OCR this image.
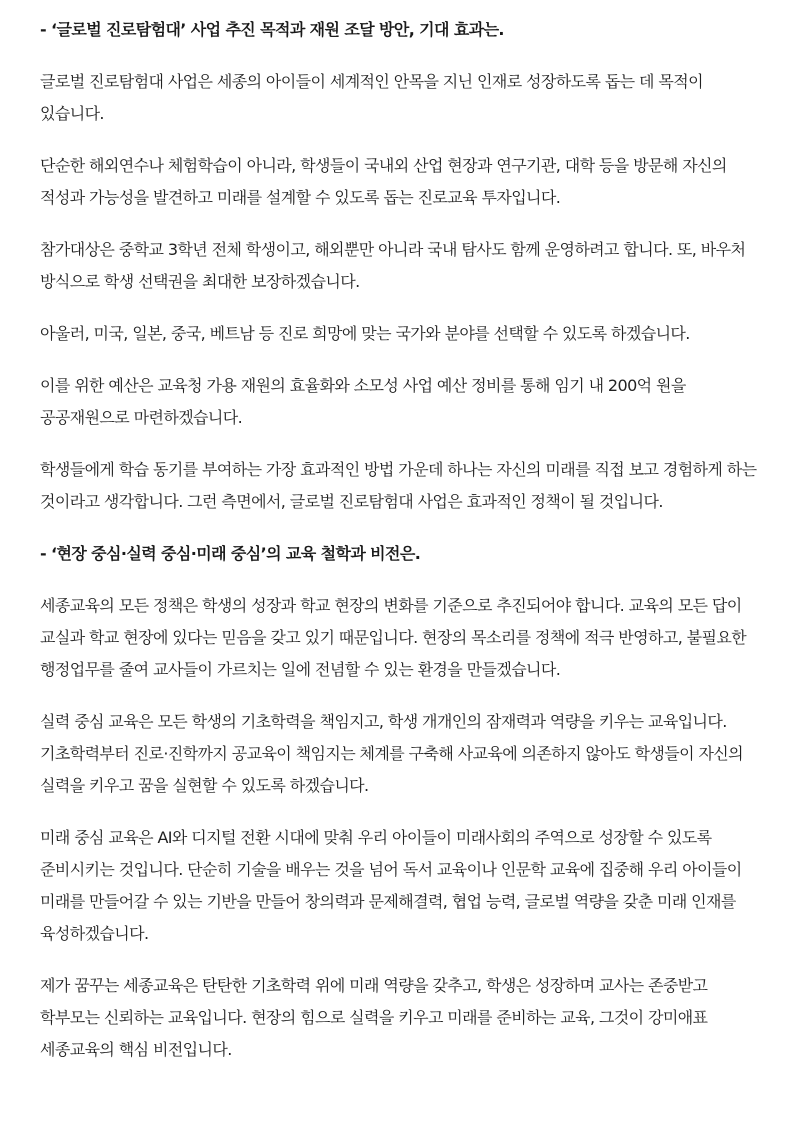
- ‘글로벌 진로탐험대’ 사업 추진 목적과 재원 조달 방안, 기대 효과는.

글로벌 진로탐험대 사업은 세종의 아이들이 세계적인 안목을 지닌 인재로 성장하도록 돕는 데 목적이 있습니다.

단순한 해외연수나 체험학습이 아니라, 학생들이 국내외 산업 현장과 연구기관, 대학 등을 방문해 자신의 적성과 가능성을 발견하고 미래를 설계할 수 있도록 돕는 진로교육 투자입니다.

참가대상은 중학교 3학년 전체 학생이고, 해외뿐만 아니라 국내 탐사도 함께 운영하려고 합니다. 또, 바우처 방식으로 학생 선택권을 최대한 보장하겠습니다.

아울러, 미국, 일본, 중국, 베트남 등 진로 희망에 맞는 국가와 분야를 선택할 수 있도록 하겠습니다.

이를 위한 예산은 교육청 가용 재원의 효율화와 소모성 사업 예산 정비를 통해 임기 내 200억 원을 공공재원으로 마련하겠습니다.

학생들에게 학습 동기를 부여하는 가장 효과적인 방법 가운데 하나는 자신의 미래를 직접 보고 경험하게 하는 것이라고 생각합니다. 그런 측면에서, 글로벌 진로탐험대 사업은 효과적인 정책이 될 것입니다.

- ‘현장 중심·실력 중심·미래 중심’의 교육 철학과 비전은.

세종교육의 모든 정책은 학생의 성장과 학교 현장의 변화를 기준으로 추진되어야 합니다. 교육의 모든 답이 교실과 학교 현장에 있다는 믿음을 갖고 있기 때문입니다. 현장의 목소리를 정책에 적극 반영하고, 불필요한 행정업무를 줄여 교사들이 가르치는 일에 전념할 수 있는 환경을 만들겠습니다.

실력 중심 교육은 모든 학생의 기초학력을 책임지고, 학생 개개인의 잠재력과 역량을 키우는 교육입니다. 기초학력부터 진로·진학까지 공교육이 책임지는 체계를 구축해 사교육에 의존하지 않아도 학생들이 자신의 실력을 키우고 꿈을 실현할 수 있도록 하겠습니다.

미래 중심 교육은 AI와 디지털 전환 시대에 맞춰 우리 아이들이 미래사회의 주역으로 성장할 수 있도록 준비시키는 것입니다. 단순히 기술을 배우는 것을 넘어 독서 교육이나 인문학 교육에 집중해 우리 아이들이 미래를 만들어갈 수 있는 기반을 만들어 창의력과 문제해결력, 협업 능력, 글로벌 역량을 갖춘 미래 인재를 육성하겠습니다.

제가 꿈꾸는 세종교육은 탄탄한 기초학력 위에 미래 역량을 갖추고, 학생은 성장하며 교사는 존중받고 학부모는 신뢰하는 교육입니다. 현장의 힘으로 실력을 키우고 미래를 준비하는 교육, 그것이 강미애표 세종교육의 핵심 비전입니다.
